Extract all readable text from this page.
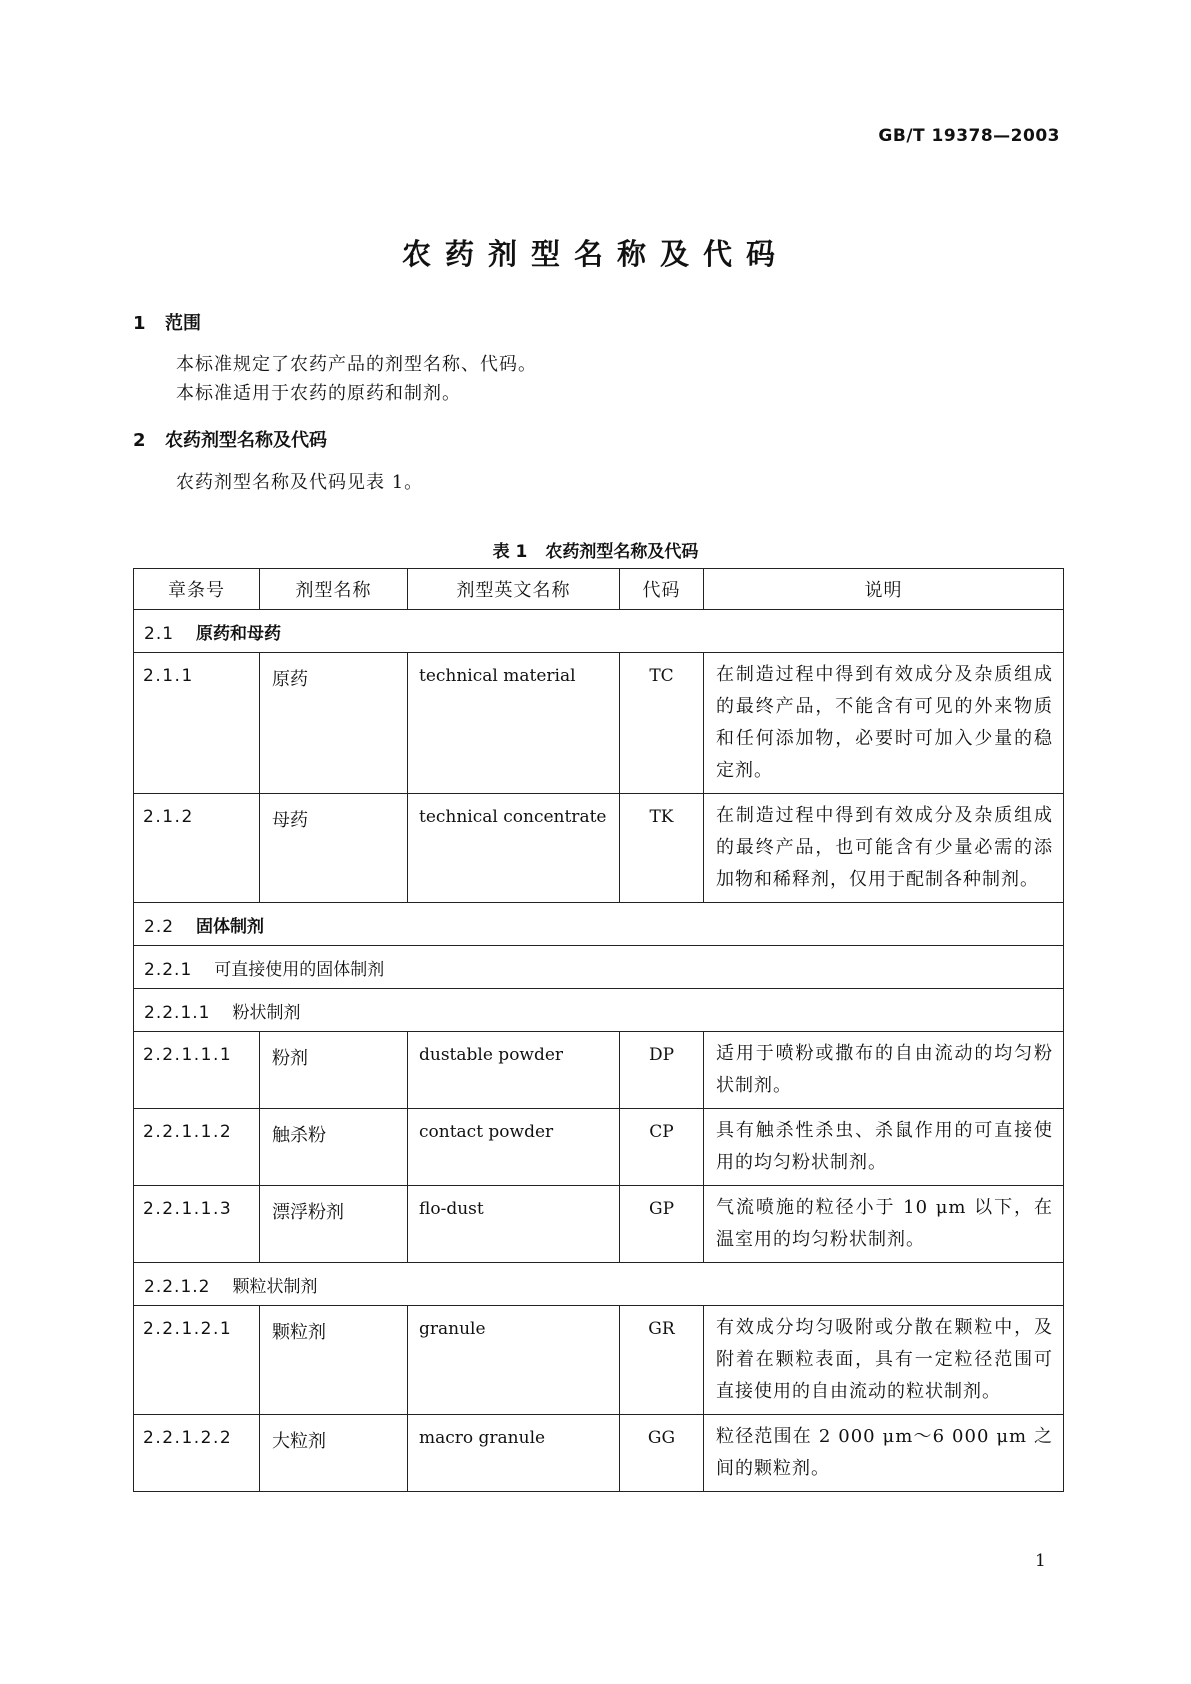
GB/T 19378—2003
农药剂型名称及代码
1 范围
本标准规定了农药产品的剂型名称、代码。
本标准适用于农药的原药和制剂。
2 农药剂型名称及代码
农药剂型名称及代码见表 1。
表 1 农药剂型名称及代码
章条号	剂型名称	剂型英文名称	代码	说明
2.1 原药和母药				
2.1.1	原药	technical material	TC	在制造过程中得到有效成分及杂质组成的最终产品，不能含有可见的外来物质和任何添加物，必要时可加入少量的稳定剂。
2.1.2	母药	technical concentrate	TK	在制造过程中得到有效成分及杂质组成的最终产品，也可能含有少量必需的添加物和稀释剂，仅用于配制各种制剂。
2.2 固体制剂				
2.2.1 可直接使用的固体制剂				
2.2.1.1 粉状制剂				
2.2.1.1.1	粉剂	dustable powder	DP	适用于喷粉或撒布的自由流动的均匀粉状制剂。
2.2.1.1.2	触杀粉	contact powder	CP	具有触杀性杀虫、杀鼠作用的可直接使用的均匀粉状制剂。
2.2.1.1.3	漂浮粉剂	flo-dust	GP	气流喷施的粒径小于 10 μm 以下，在温室用的均匀粉状制剂。
2.2.1.2 颗粒状制剂				
2.2.1.2.1	颗粒剂	granule	GR	有效成分均匀吸附或分散在颗粒中，及附着在颗粒表面，具有一定粒径范围可直接使用的自由流动的粒状制剂。
2.2.1.2.2	大粒剂	macro granule	GG	粒径范围在 2 000 μm～6 000 μm 之间的颗粒剂。
1
